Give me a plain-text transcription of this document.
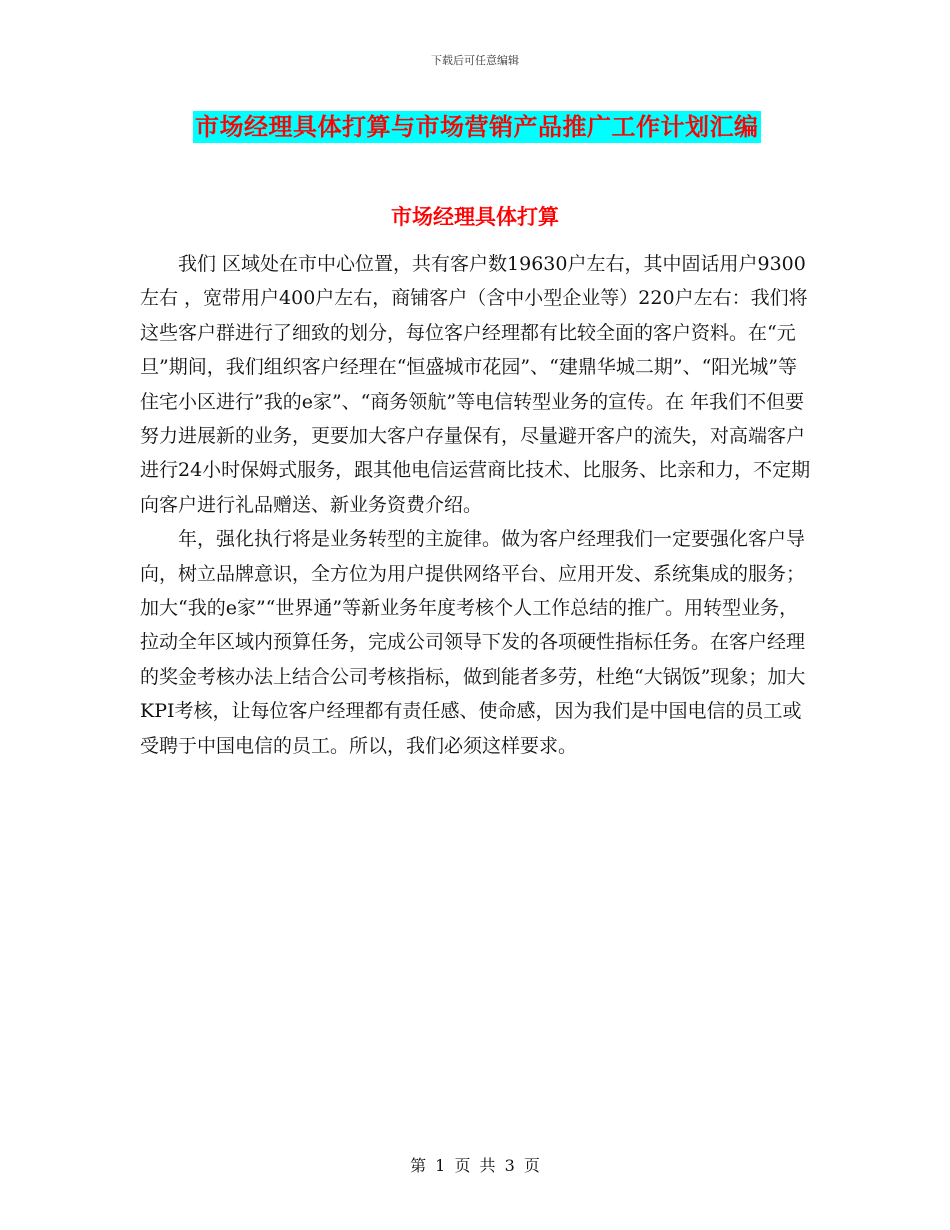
下载后可任意编辑
市场经理具体打算与市场营销产品推广工作计划汇编
市场经理具体打算

我们 区域处在市中心位置，共有客户数19630户左右，其中固话用户9300左右 ，宽带用户400户左右，商铺客户（含中小型企业等）220户左右：我们将这些客户群进行了细致的划分，每位客户经理都有比较全面的客户资料。在“元旦”期间，我们组织客户经理在“恒盛城市花园”、“建鼎华城二期”、“阳光城”等住宅小区进行”我的e家”、“商务领航”等电信转型业务的宣传。在 年我们不但要努力进展新的业务，更要加大客户存量保有，尽量避开客户的流失，对高端客户进行24小时保姆式服务，跟其他电信运营商比技术、比服务、比亲和力，不定期向客户进行礼品赠送、新业务资费介绍。

年，强化执行将是业务转型的主旋律。做为客户经理我们一定要强化客户导向，树立品牌意识，全方位为用户提供网络平台、应用开发、系统集成的服务；加大“我的e家”“世界通”等新业务年度考核个人工作总结的推广。用转型业务，拉动全年区域内预算任务，完成公司领导下发的各项硬性指标任务。在客户经理的奖金考核办法上结合公司考核指标，做到能者多劳，杜绝“大锅饭”现象；加大KPI考核，让每位客户经理都有责任感、使命感，因为我们是中国电信的员工或受聘于中国电信的员工。所以，我们必须这样要求。

第 1 页 共 3 页
